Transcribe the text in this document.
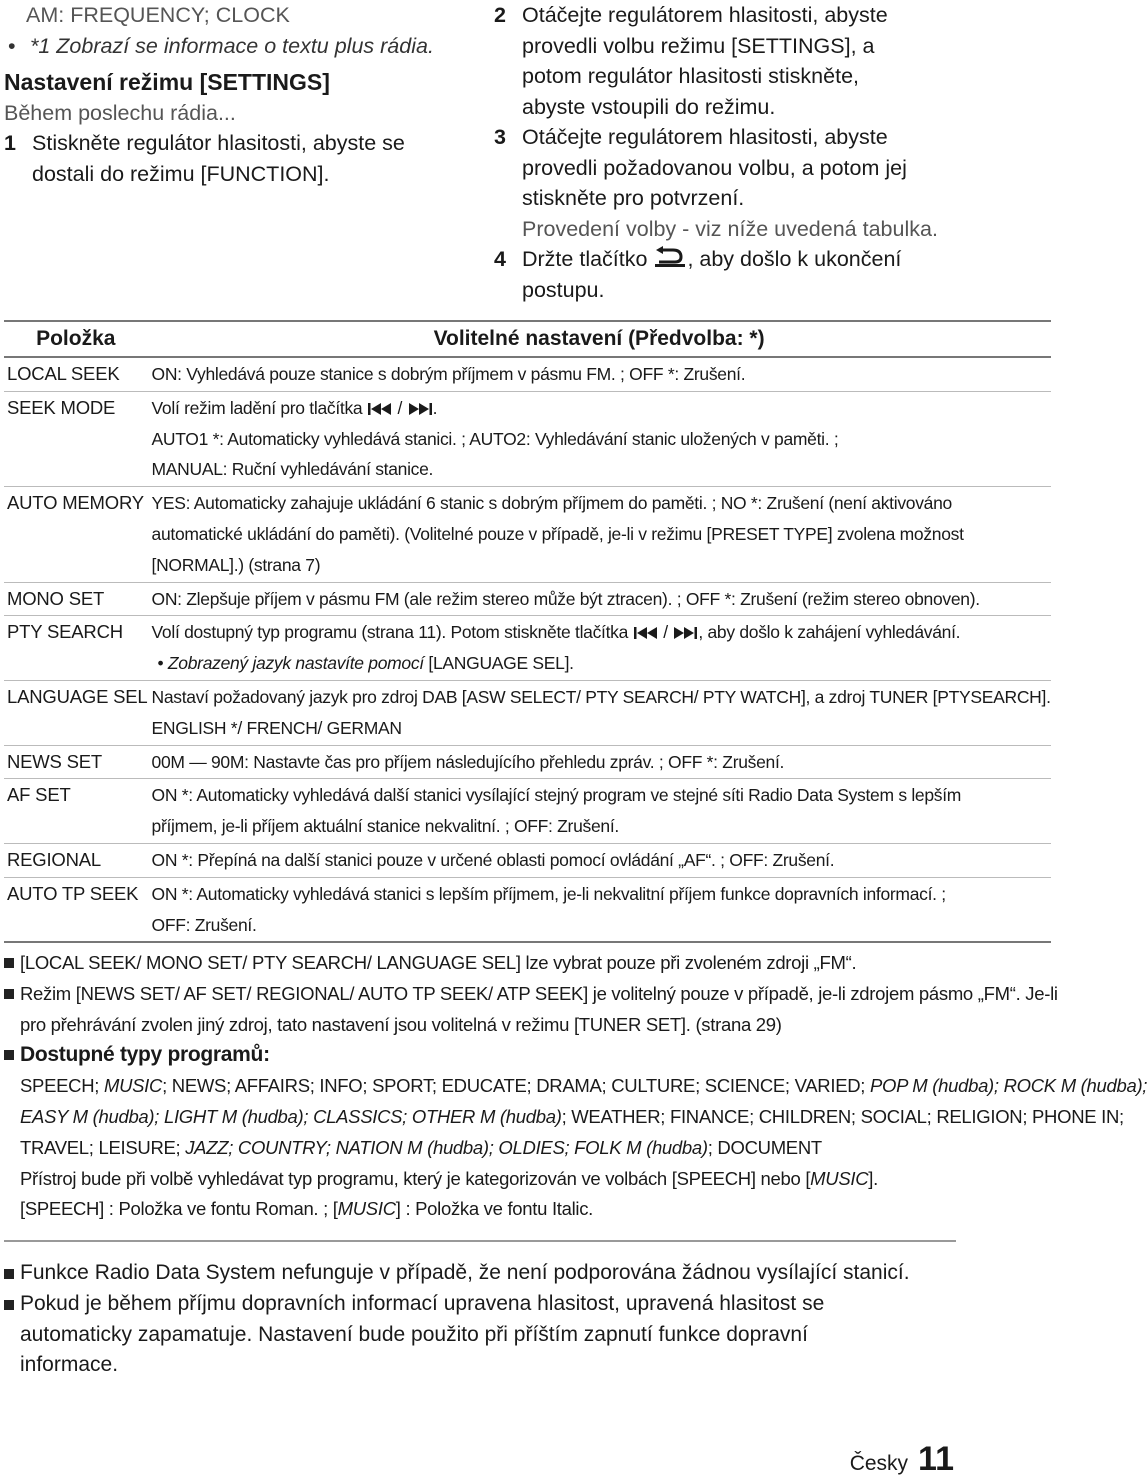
AM: FREQUENCY; CLOCK

• *1 Zobrazí se informace o textu plus rádia.

Nastavení režimu [SETTINGS]

Během poslechu rádia...

1 Stiskněte regulátor hlasitosti, abyste se

dostali do režimu [FUNCTION].

2 Otáčejte regulátorem hlasitosti, abyste

provedli volbu režimu [SETTINGS], a

potom regulátor hlasitosti stiskněte,

abyste vstoupili do režimu.

3 Otáčejte regulátorem hlasitosti, abyste

provedli požadovanou volbu, a potom jej

stiskněte pro potvrzení.

Provedení volby - viz níže uvedená tabulka.

4 Držte tlačítko , aby došlo k ukončení

postupu.

Položka	Volitelné nastavení (Předvolba: *)
LOCAL SEEK	ON: Vyhledává pouze stanice s dobrým příjmem v pásmu FM. ; OFF *: Zrušení.
SEEK MODE	Volí režim ladění pro tlačítka / .
AUTO1 *: Automaticky vyhledává stanici. ; AUTO2: Vyhledávání stanic uložených v paměti. ;
MANUAL: Ruční vyhledávání stanice.

AUTO MEMORY	YES: Automaticky zahajuje ukládání 6 stanic s dobrým příjmem do paměti. ; NO *: Zrušení (není aktivováno
automatické ukládání do paměti). (Volitelné pouze v případě, je-li v režimu [PRESET TYPE] zvolena možnost
[NORMAL].) (strana 7)

MONO SET	ON: Zlepšuje příjem v pásmu FM (ale režim stereo může být ztracen). ; OFF *: Zrušení (režim stereo obnoven).
PTY SEARCH	Volí dostupný typ programu (strana 11). Potom stiskněte tlačítka / , aby došlo k zahájení vyhledávání.
• Zobrazený jazyk nastavíte pomocí [LANGUAGE SEL].

LANGUAGE SEL	Nastaví požadovaný jazyk pro zdroj DAB [ASW SELECT/ PTY SEARCH/ PTY WATCH], a zdroj TUNER [PTYSEARCH].
ENGLISH */ FRENCH/ GERMAN

NEWS SET	00M — 90M: Nastavte čas pro příjem následujícího přehledu zpráv. ; OFF *: Zrušení.
AF SET	ON *: Automaticky vyhledává další stanici vysílající stejný program ve stejné síti Radio Data System s lepším
příjmem, je-li příjem aktuální stanice nekvalitní. ; OFF: Zrušení.

REGIONAL	ON *: Přepíná na další stanici pouze v určené oblasti pomocí ovládání „AF“. ; OFF: Zrušení.
AUTO TP SEEK	ON *: Automaticky vyhledává stanici s lepším příjmem, je-li nekvalitní příjem funkce dopravních informací. ;
OFF: Zrušení.
[LOCAL SEEK/ MONO SET/ PTY SEARCH/ LANGUAGE SEL] lze vybrat pouze při zvoleném zdroji „FM“.
Režim [NEWS SET/ AF SET/ REGIONAL/ AUTO TP SEEK/ ATP SEEK] je volitelný pouze v případě, je-li zdrojem pásmo „FM“. Je-li
pro přehrávání zvolen jiný zdroj, tato nastavení jsou volitelná v režimu [TUNER SET]. (strana 29)
Dostupné typy programů:
SPEECH; MUSIC; NEWS; AFFAIRS; INFO; SPORT; EDUCATE; DRAMA; CULTURE; SCIENCE; VARIED; POP M (hudba); ROCK M (hudba);
EASY M (hudba); LIGHT M (hudba); CLASSICS; OTHER M (hudba); WEATHER; FINANCE; CHILDREN; SOCIAL; RELIGION; PHONE IN;
TRAVEL; LEISURE; JAZZ; COUNTRY; NATION M (hudba); OLDIES; FOLK M (hudba); DOCUMENT
Přístroj bude při volbě vyhledávat typ programu, který je kategorizován ve volbách [SPEECH] nebo [MUSIC].
[SPEECH] : Položka ve fontu Roman. ; [MUSIC] : Položka ve fontu Italic.
Funkce Radio Data System nefunguje v případě, že není podporována žádnou vysílající stanicí.
Pokud je během příjmu dopravních informací upravena hlasitost, upravená hlasitost se
automaticky zapamatuje. Nastavení bude použito při příštím zapnutí funkce dopravní
informace.
Česky 11
